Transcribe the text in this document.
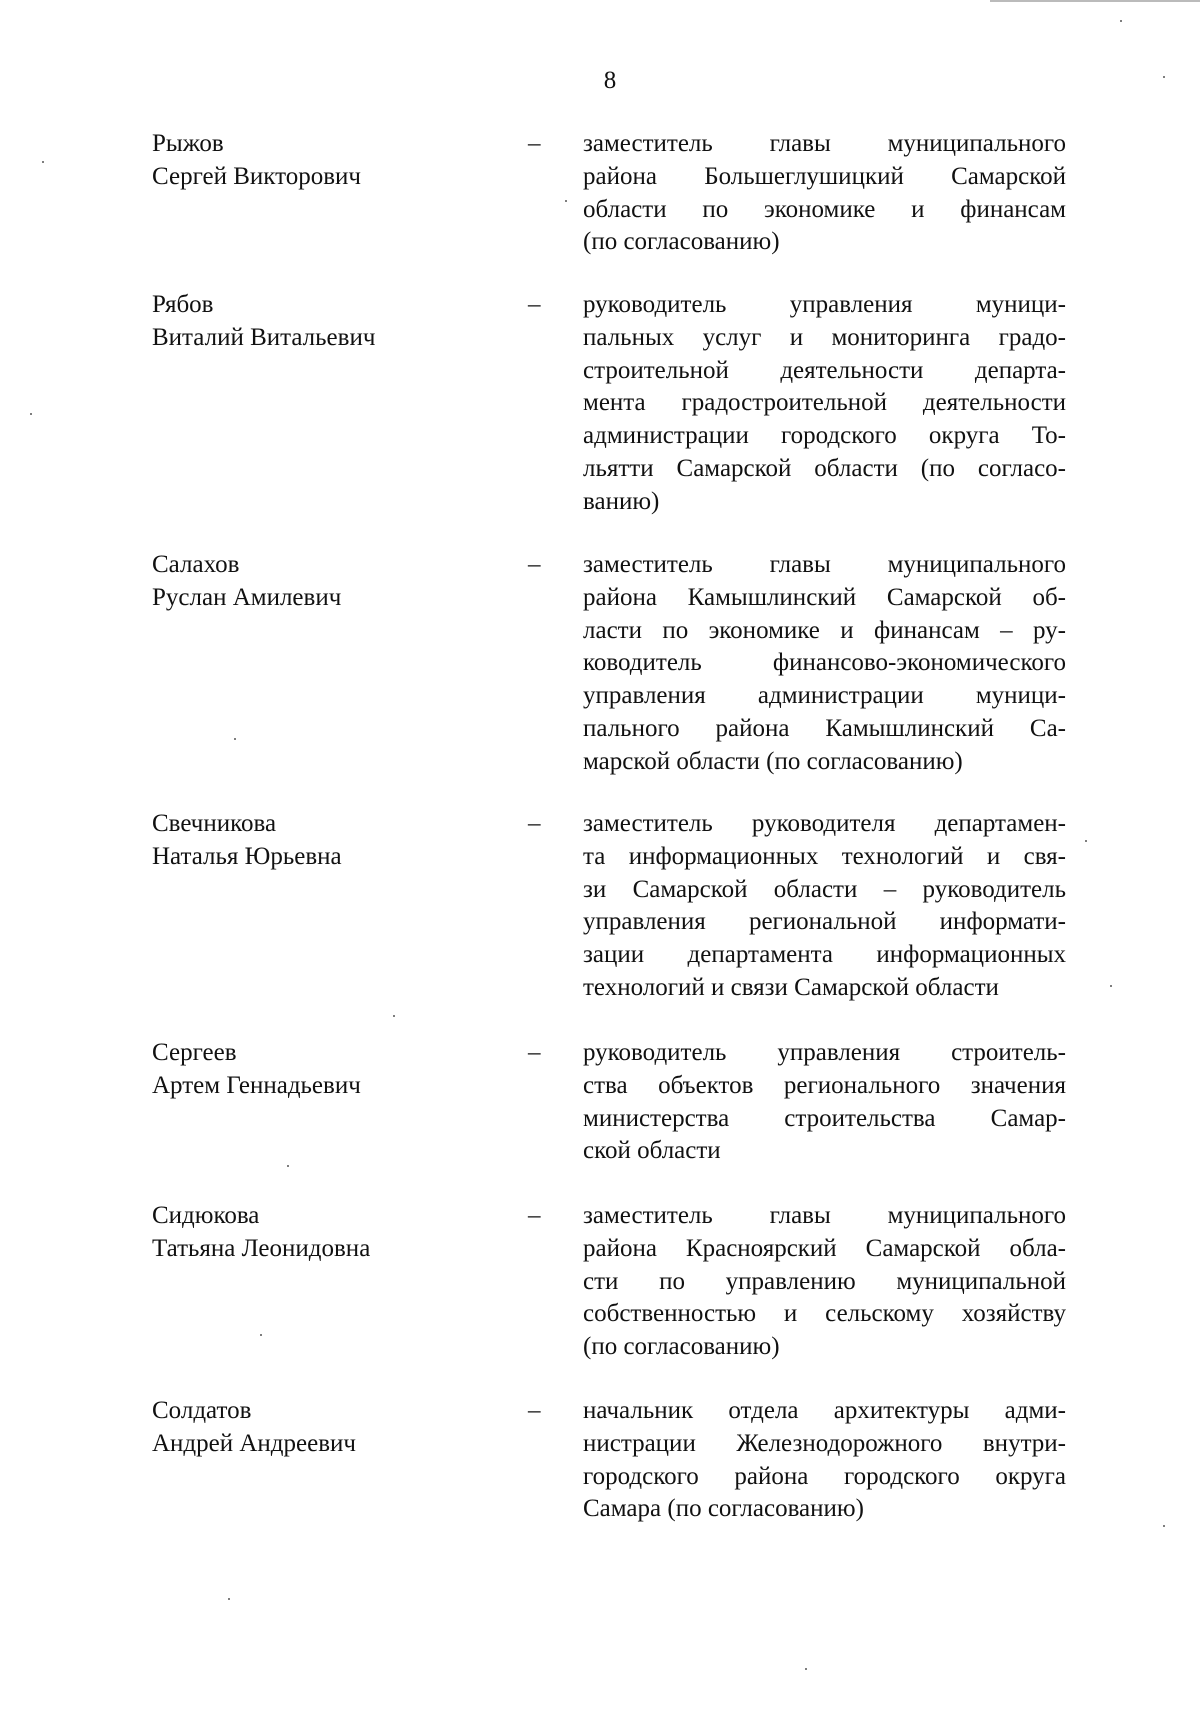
8
Рыжов
Сергей Викторович
– заместитель главы муниципального
района Большеглушицкий Самарской
области по экономике и финансам
(по согласованию)
Рябов
Виталий Витальевич
– руководитель управления муници-
пальных услуг и мониторинга градо-
строительной деятельности департа-
мента градостроительной деятельности
администрации городского округа То-
льятти Самарской области (по согласо-
ванию)
Салахов
Руслан Амилевич
– заместитель главы муниципального
района Камышлинский Самарской об-
ласти по экономике и финансам – ру-
ководитель финансово-экономического
управления администрации муници-
пального района Камышлинский Са-
марской области (по согласованию)
Свечникова
Наталья Юрьевна
– заместитель руководителя департамен-
та информационных технологий и свя-
зи Самарской области – руководитель
управления региональной информати-
зации департамента информационных
технологий и связи Самарской области
Сергеев
Артем Геннадьевич
– руководитель управления строитель-
ства объектов регионального значения
министерства строительства Самар-
ской области
Сидюкова
Татьяна Леонидовна
– заместитель главы муниципального
района Красноярский Самарской обла-
сти по управлению муниципальной
собственностью и сельскому хозяйству
(по согласованию)
Солдатов
Андрей Андреевич
– начальник отдела архитектуры адми-
нистрации Железнодорожного внутри-
городского района городского округа
Самара (по согласованию)
